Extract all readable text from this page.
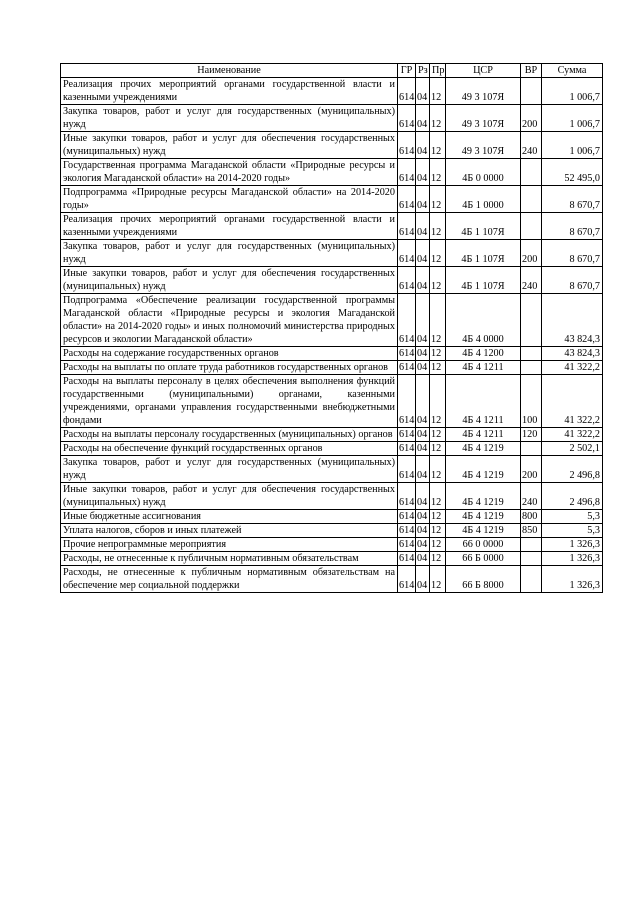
Наименование	ГР	Рз	Пр	ЦСР	ВР	Сумма
Реализация прочих мероприятий органами государственной власти и казенными учреждениями	614	04	12	49 3 107Я		1 006,7
Закупка товаров, работ и услуг для государственных (муниципальных) нужд	614	04	12	49 3 107Я	200	1 006,7
Иные закупки товаров, работ и услуг для обеспечения государственных (муниципальных) нужд	614	04	12	49 3 107Я	240	1 006,7
Государственная программа Магаданской области «Природные ресурсы и экология Магаданской области» на 2014-2020 годы»	614	04	12	4Б 0 0000		52 495,0
Подпрограмма «Природные ресурсы Магаданской области» на 2014-2020 годы»	614	04	12	4Б 1 0000		8 670,7
Реализация прочих мероприятий органами государственной власти и казенными учреждениями	614	04	12	4Б 1 107Я		8 670,7
Закупка товаров, работ и услуг для государственных (муниципальных) нужд	614	04	12	4Б 1 107Я	200	8 670,7
Иные закупки товаров, работ и услуг для обеспечения государственных (муниципальных) нужд	614	04	12	4Б 1 107Я	240	8 670,7
Подпрограмма «Обеспечение реализации государственной программы Магаданской области «Природные ресурсы и экология Магаданской области» на 2014-2020 годы» и иных полномочий министерства природных ресурсов и экологии Магаданской области»	614	04	12	4Б 4 0000		43 824,3
Расходы на содержание государственных органов	614	04	12	4Б 4 1200		43 824,3
Расходы на выплаты по оплате труда работников государственных органов	614	04	12	4Б 4 1211		41 322,2
Расходы на выплаты персоналу в целях обеспечения выполнения функций государственными (муниципальными) органами, казенными учреждениями, органами управления государственными внебюджетными фондами	614	04	12	4Б 4 1211	100	41 322,2
Расходы на выплаты персоналу государственных (муниципальных) органов	614	04	12	4Б 4 1211	120	41 322,2
Расходы на обеспечение функций государственных органов	614	04	12	4Б 4 1219		2 502,1
Закупка товаров, работ и услуг для государственных (муниципальных) нужд	614	04	12	4Б 4 1219	200	2 496,8
Иные закупки товаров, работ и услуг для обеспечения государственных (муниципальных) нужд	614	04	12	4Б 4 1219	240	2 496,8
Иные бюджетные ассигнования	614	04	12	4Б 4 1219	800	5,3
Уплата налогов, сборов и иных платежей	614	04	12	4Б 4 1219	850	5,3
Прочие непрограммные мероприятия	614	04	12	66 0 0000		1 326,3
Расходы, не отнесенные к публичным нормативным обязательствам	614	04	12	66 Б 0000		1 326,3
Расходы, не отнесенные к публичным нормативным обязательствам на обеспечение мер социальной поддержки	614	04	12	66 Б 8000		1 326,3
